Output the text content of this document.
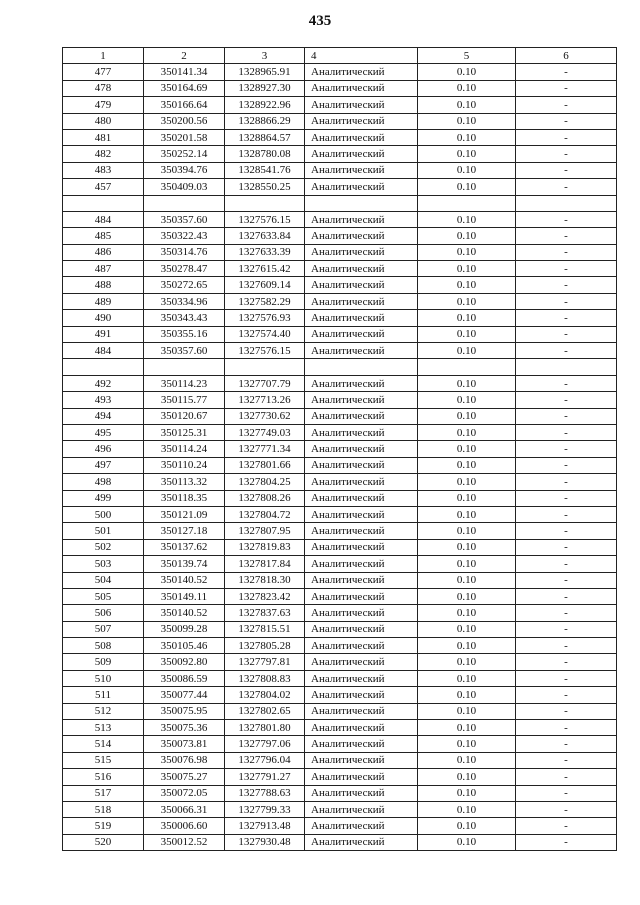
435
1	2	3	4	5	6
477	350141.34	1328965.91	Аналитический	0.10	-
478	350164.69	1328927.30	Аналитический	0.10	-
479	350166.64	1328922.96	Аналитический	0.10	-
480	350200.56	1328866.29	Аналитический	0.10	-
481	350201.58	1328864.57	Аналитический	0.10	-
482	350252.14	1328780.08	Аналитический	0.10	-
483	350394.76	1328541.76	Аналитический	0.10	-
457	350409.03	1328550.25	Аналитический	0.10	-

484	350357.60	1327576.15	Аналитический	0.10	-
485	350322.43	1327633.84	Аналитический	0.10	-
486	350314.76	1327633.39	Аналитический	0.10	-
487	350278.47	1327615.42	Аналитический	0.10	-
488	350272.65	1327609.14	Аналитический	0.10	-
489	350334.96	1327582.29	Аналитический	0.10	-
490	350343.43	1327576.93	Аналитический	0.10	-
491	350355.16	1327574.40	Аналитический	0.10	-
484	350357.60	1327576.15	Аналитический	0.10	-

492	350114.23	1327707.79	Аналитический	0.10	-
493	350115.77	1327713.26	Аналитический	0.10	-
494	350120.67	1327730.62	Аналитический	0.10	-
495	350125.31	1327749.03	Аналитический	0.10	-
496	350114.24	1327771.34	Аналитический	0.10	-
497	350110.24	1327801.66	Аналитический	0.10	-
498	350113.32	1327804.25	Аналитический	0.10	-
499	350118.35	1327808.26	Аналитический	0.10	-
500	350121.09	1327804.72	Аналитический	0.10	-
501	350127.18	1327807.95	Аналитический	0.10	-
502	350137.62	1327819.83	Аналитический	0.10	-
503	350139.74	1327817.84	Аналитический	0.10	-
504	350140.52	1327818.30	Аналитический	0.10	-
505	350149.11	1327823.42	Аналитический	0.10	-
506	350140.52	1327837.63	Аналитический	0.10	-
507	350099.28	1327815.51	Аналитический	0.10	-
508	350105.46	1327805.28	Аналитический	0.10	-
509	350092.80	1327797.81	Аналитический	0.10	-
510	350086.59	1327808.83	Аналитический	0.10	-
511	350077.44	1327804.02	Аналитический	0.10	-
512	350075.95	1327802.65	Аналитический	0.10	-
513	350075.36	1327801.80	Аналитический	0.10	-
514	350073.81	1327797.06	Аналитический	0.10	-
515	350076.98	1327796.04	Аналитический	0.10	-
516	350075.27	1327791.27	Аналитический	0.10	-
517	350072.05	1327788.63	Аналитический	0.10	-
518	350066.31	1327799.33	Аналитический	0.10	-
519	350006.60	1327913.48	Аналитический	0.10	-
520	350012.52	1327930.48	Аналитический	0.10	-
